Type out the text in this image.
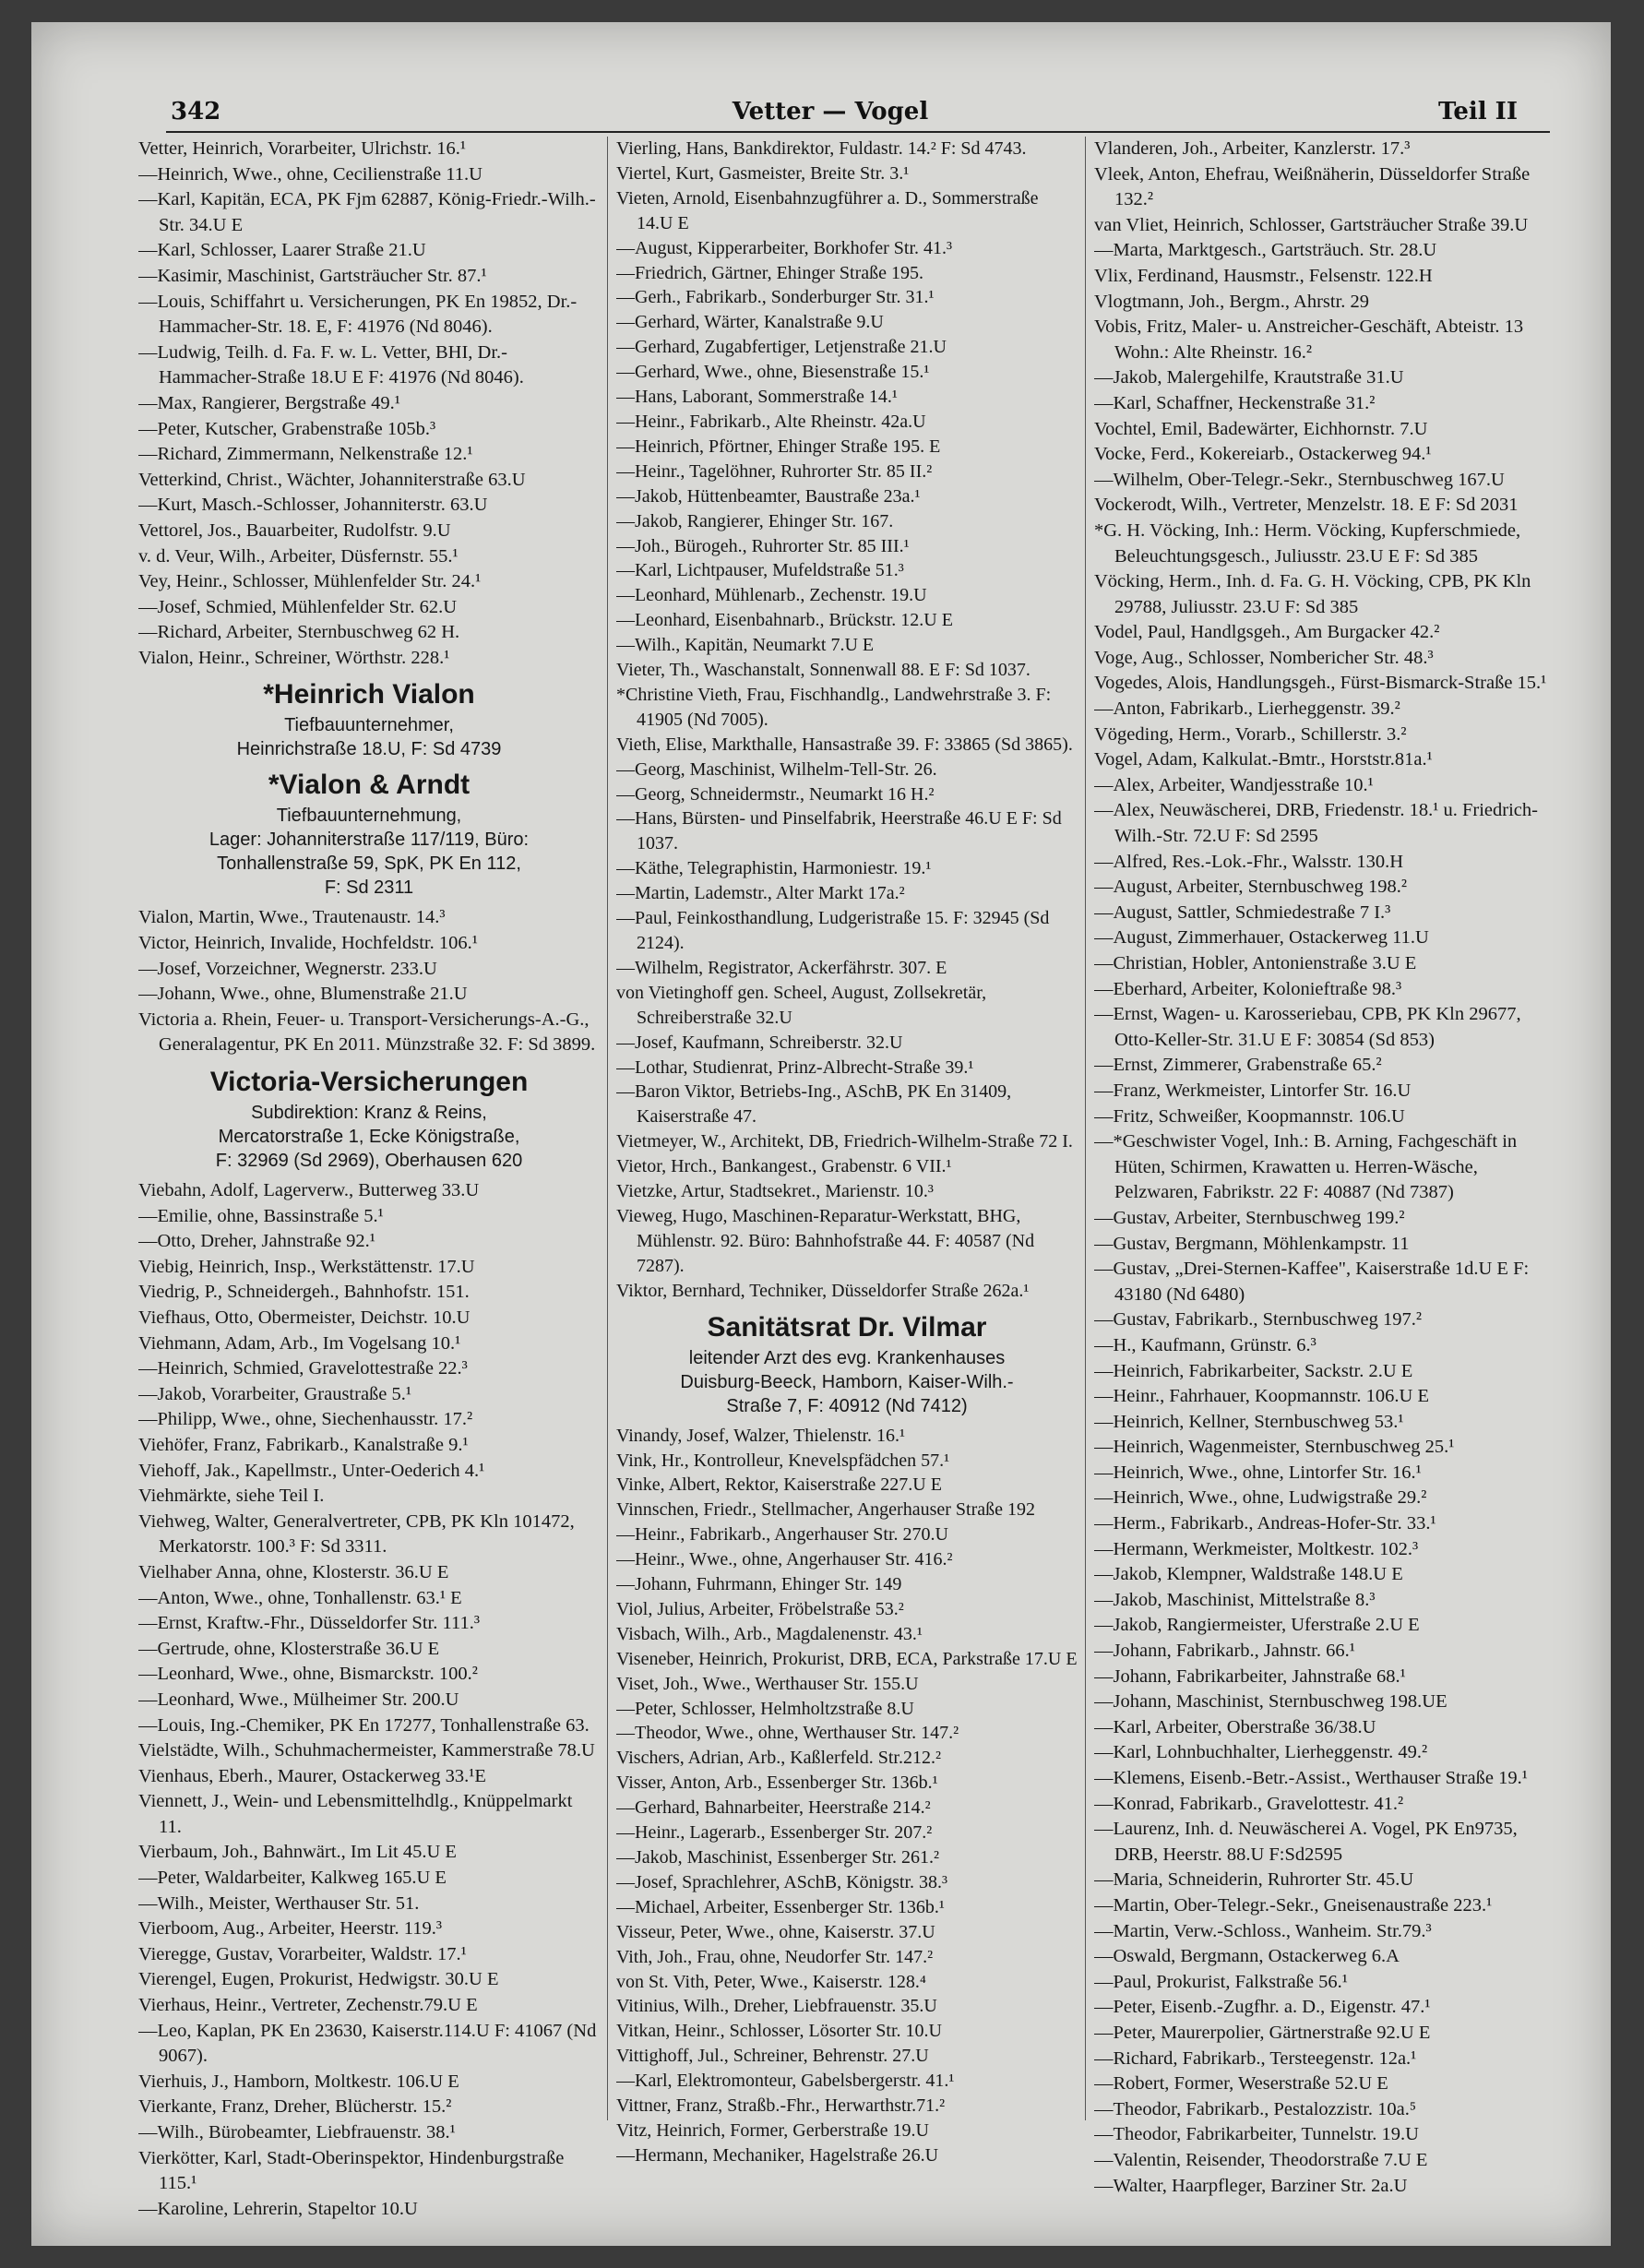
342	Vetter — Vogel	Teil II
Vetter, Heinrich, Vorarbeiter, Ulrichstr. 16.¹
—Heinrich, Wwe., ohne, Cecilienstraße 11.U
—Karl, Kapitän, ECA, PK Fjm 62887, König-Friedr.-Wilh.-Str. 34.U E
—Karl, Schlosser, Laarer Straße 21.U
—Kasimir, Maschinist, Gartsträucher Str. 87.¹
—Louis, Schiffahrt u. Versicherungen, PK En 19852, Dr.-Hammacher-Str. 18. E, F: 41976 (Nd 8046).
—Ludwig, Teilh. d. Fa. F. w. L. Vetter, BHI, Dr.-Hammacher-Straße 18.U E F: 41976 (Nd 8046).
—Max, Rangierer, Bergstraße 49.¹
—Peter, Kutscher, Grabenstraße 105b.³
—Richard, Zimmermann, Nelkenstraße 12.¹
Vetterkind, Christ., Wächter, Johanniterstraße 63.U
—Kurt, Masch.-Schlosser, Johanniterstr. 63.U
Vettorel, Jos., Bauarbeiter, Rudolfstr. 9.U
v. d. Veur, Wilh., Arbeiter, Düsfernstr. 55.¹
Vey, Heinr., Schlosser, Mühlenfelder Str. 24.¹
—Josef, Schmied, Mühlenfelder Str. 62.U
—Richard, Arbeiter, Sternbuschweg 62 H.
Vialon, Heinr., Schreiner, Wörthstr. 228.¹
*Heinrich Vialon
Tiefbauunternehmer,
Heinrichstraße 18.U, F: Sd 4739
*Vialon & Arndt
Tiefbauunternehmung,
Lager: Johanniterstraße 117/119, Büro:
Tonhallenstraße 59, SpK, PK En 112,
F: Sd 2311
Vialon, Martin, Wwe., Trautenaustr. 14.³
Victor, Heinrich, Invalide, Hochfeldstr. 106.¹
—Josef, Vorzeichner, Wegnerstr. 233.U
—Johann, Wwe., ohne, Blumenstraße 21.U
Victoria a. Rhein, Feuer- u. Transport-Versicherungs-A.-G., Generalagentur, PK En 2011. Münzstraße 32. F: Sd 3899.
Victoria-Versicherungen
Subdirektion: Kranz & Reins,
Mercatorstraße 1, Ecke Königstraße,
F: 32969 (Sd 2969), Oberhausen 620
Viebahn, Adolf, Lagerverw., Butterweg 33.U
—Emilie, ohne, Bassinstraße 5.¹
—Otto, Dreher, Jahnstraße 92.¹
Viebig, Heinrich, Insp., Werkstättenstr. 17.U
Viedrig, P., Schneidergeh., Bahnhofstr. 151.
Viefhaus, Otto, Obermeister, Deichstr. 10.U
Viehmann, Adam, Arb., Im Vogelsang 10.¹
—Heinrich, Schmied, Gravelottestraße 22.³
—Jakob, Vorarbeiter, Graustraße 5.¹
—Philipp, Wwe., ohne, Siechenhausstr. 17.²
Viehöfer, Franz, Fabrikarb., Kanalstraße 9.¹
Viehoff, Jak., Kapellmstr., Unter-Oederich 4.¹
Viehmärkte, siehe Teil I.
Viehweg, Walter, Generalvertreter, CPB, PK Kln 101472, Merkatorstr. 100.³ F: Sd 3311.
Vielhaber Anna, ohne, Klosterstr. 36.U E
—Anton, Wwe., ohne, Tonhallenstr. 63.¹ E
—Ernst, Kraftw.-Fhr., Düsseldorfer Str. 111.³
—Gertrude, ohne, Klosterstraße 36.U E
—Leonhard, Wwe., ohne, Bismarckstr. 100.²
—Leonhard, Wwe., Mülheimer Str. 200.U
—Louis, Ing.-Chemiker, PK En 17277, Tonhallenstraße 63.
Vielstädte, Wilh., Schuhmachermeister, Kammerstraße 78.U
Vienhaus, Eberh., Maurer, Ostackerweg 33.¹E
Viennett, J., Wein- und Lebensmittelhdlg., Knüppelmarkt 11.
Vierbaum, Joh., Bahnwärt., Im Lit 45.U E
—Peter, Waldarbeiter, Kalkweg 165.U E
—Wilh., Meister, Werthauser Str. 51.
Vierboom, Aug., Arbeiter, Heerstr. 119.³
Vieregge, Gustav, Vorarbeiter, Waldstr. 17.¹
Vierengel, Eugen, Prokurist, Hedwigstr. 30.U E
Vierhaus, Heinr., Vertreter, Zechenstr.79.U E
—Leo, Kaplan, PK En 23630, Kaiserstr.114.U F: 41067 (Nd 9067).
Vierhuis, J., Hamborn, Moltkestr. 106.U E
Vierkante, Franz, Dreher, Blücherstr. 15.²
—Wilh., Bürobeamter, Liebfrauenstr. 38.¹
Vierkötter, Karl, Stadt-Oberinspektor, Hindenburgstraße 115.¹
—Karoline, Lehrerin, Stapeltor 10.U
Vierling, Hans, Bankdirektor, Fuldastr. 14.² F: Sd 4743.
Viertel, Kurt, Gasmeister, Breite Str. 3.¹
Vieten, Arnold, Eisenbahnzugführer a. D., Sommerstraße 14.U E
—August, Kipperarbeiter, Borkhofer Str. 41.³
—Friedrich, Gärtner, Ehinger Straße 195.
—Gerh., Fabrikarb., Sonderburger Str. 31.¹
—Gerhard, Wärter, Kanalstraße 9.U
—Gerhard, Zugabfertiger, Letjenstraße 21.U
—Gerhard, Wwe., ohne, Biesenstraße 15.¹
—Hans, Laborant, Sommerstraße 14.¹
—Heinr., Fabrikarb., Alte Rheinstr. 42a.U
—Heinrich, Pförtner, Ehinger Straße 195. E
—Heinr., Tagelöhner, Ruhrorter Str. 85 II.²
—Jakob, Hüttenbeamter, Baustraße 23a.¹
—Jakob, Rangierer, Ehinger Str. 167.
—Joh., Bürogeh., Ruhrorter Str. 85 III.¹
—Karl, Lichtpauser, Mufeldstraße 51.³
—Leonhard, Mühlenarb., Zechenstr. 19.U
—Leonhard, Eisenbahnarb., Brückstr. 12.U E
—Wilh., Kapitän, Neumarkt 7.U E
Vieter, Th., Waschanstalt, Sonnenwall 88. E F: Sd 1037.
*Christine Vieth, Frau, Fischhandlg., Landwehrstraße 3. F: 41905 (Nd 7005).
Vieth, Elise, Markthalle, Hansastraße 39. F: 33865 (Sd 3865).
—Georg, Maschinist, Wilhelm-Tell-Str. 26.
—Georg, Schneidermstr., Neumarkt 16 H.²
—Hans, Bürsten- und Pinselfabrik, Heerstraße 46.U E F: Sd 1037.
—Käthe, Telegraphistin, Harmoniestr. 19.¹
—Martin, Lademstr., Alter Markt 17a.²
—Paul, Feinkosthandlung, Ludgeristraße 15. F: 32945 (Sd 2124).
—Wilhelm, Registrator, Ackerfährstr. 307. E
von Vietinghoff gen. Scheel, August, Zollsekretär, Schreiberstraße 32.U
—Josef, Kaufmann, Schreiberstr. 32.U
—Lothar, Studienrat, Prinz-Albrecht-Straße 39.¹
—Baron Viktor, Betriebs-Ing., ASchB, PK En 31409, Kaiserstraße 47.
Vietmeyer, W., Architekt, DB, Friedrich-Wilhelm-Straße 72 I.
Vietor, Hrch., Bankangest., Grabenstr. 6 VII.¹
Vietzke, Artur, Stadtsekret., Marienstr. 10.³
Vieweg, Hugo, Maschinen-Reparatur-Werkstatt, BHG, Mühlenstr. 92. Büro: Bahnhofstraße 44. F: 40587 (Nd 7287).
Viktor, Bernhard, Techniker, Düsseldorfer Straße 262a.¹
Sanitätsrat Dr. Vilmar
leitender Arzt des evg. Krankenhauses
Duisburg-Beeck, Hamborn, Kaiser-Wilh.-
Straße 7, F: 40912 (Nd 7412)
Vinandy, Josef, Walzer, Thielenstr. 16.¹
Vink, Hr., Kontrolleur, Knevelspfädchen 57.¹
Vinke, Albert, Rektor, Kaiserstraße 227.U E
Vinnschen, Friedr., Stellmacher, Angerhauser Straße 192
—Heinr., Fabrikarb., Angerhauser Str. 270.U
—Heinr., Wwe., ohne, Angerhauser Str. 416.²
—Johann, Fuhrmann, Ehinger Str. 149
Viol, Julius, Arbeiter, Fröbelstraße 53.²
Visbach, Wilh., Arb., Magdalenenstr. 43.¹
Viseneber, Heinrich, Prokurist, DRB, ECA, Parkstraße 17.U E
Viset, Joh., Wwe., Werthauser Str. 155.U
—Peter, Schlosser, Helmholtzstraße 8.U
—Theodor, Wwe., ohne, Werthauser Str. 147.²
Vischers, Adrian, Arb., Kaßlerfeld. Str.212.²
Visser, Anton, Arb., Essenberger Str. 136b.¹
—Gerhard, Bahnarbeiter, Heerstraße 214.²
—Heinr., Lagerarb., Essenberger Str. 207.²
—Jakob, Maschinist, Essenberger Str. 261.²
—Josef, Sprachlehrer, ASchB, Königstr. 38.³
—Michael, Arbeiter, Essenberger Str. 136b.¹
Visseur, Peter, Wwe., ohne, Kaiserstr. 37.U
Vith, Joh., Frau, ohne, Neudorfer Str. 147.²
von St. Vith, Peter, Wwe., Kaiserstr. 128.⁴
Vitinius, Wilh., Dreher, Liebfrauenstr. 35.U
Vitkan, Heinr., Schlosser, Lösorter Str. 10.U
Vittighoff, Jul., Schreiner, Behrenstr. 27.U
—Karl, Elektromonteur, Gabelsbergerstr. 41.¹
Vittner, Franz, Straßb.-Fhr., Herwarthstr.71.²
Vitz, Heinrich, Former, Gerberstraße 19.U
—Hermann, Mechaniker, Hagelstraße 26.U
Vlanderen, Joh., Arbeiter, Kanzlerstr. 17.³
Vleek, Anton, Ehefrau, Weißnäherin, Düsseldorfer Straße 132.²
van Vliet, Heinrich, Schlosser, Gartsträucher Straße 39.U
—Marta, Marktgesch., Gartsträuch. Str. 28.U
Vlix, Ferdinand, Hausmstr., Felsenstr. 122.H
Vlogtmann, Joh., Bergm., Ahrstr. 29
Vobis, Fritz, Maler- u. Anstreicher-Geschäft, Abteistr. 13 Wohn.: Alte Rheinstr. 16.²
—Jakob, Malergehilfe, Krautstraße 31.U
—Karl, Schaffner, Heckenstraße 31.²
Vochtel, Emil, Badewärter, Eichhornstr. 7.U
Vocke, Ferd., Kokereiarb., Ostackerweg 94.¹
—Wilhelm, Ober-Telegr.-Sekr., Sternbuschweg 167.U
Vockerodt, Wilh., Vertreter, Menzelstr. 18. E F: Sd 2031
*G. H. Vöcking, Inh.: Herm. Vöcking, Kupferschmiede, Beleuchtungsgesch., Juliusstr. 23.U E F: Sd 385
Vöcking, Herm., Inh. d. Fa. G. H. Vöcking, CPB, PK Kln 29788, Juliusstr. 23.U F: Sd 385
Vodel, Paul, Handlgsgeh., Am Burgacker 42.²
Voge, Aug., Schlosser, Nombericher Str. 48.³
Vogedes, Alois, Handlungsgeh., Fürst-Bismarck-Straße 15.¹
—Anton, Fabrikarb., Lierheggenstr. 39.²
Vögeding, Herm., Vorarb., Schillerstr. 3.²
Vogel, Adam, Kalkulat.-Bmtr., Horststr.81a.¹
—Alex, Arbeiter, Wandjesstraße 10.¹
—Alex, Neuwäscherei, DRB, Friedenstr. 18.¹ u. Friedrich-Wilh.-Str. 72.U F: Sd 2595
—Alfred, Res.-Lok.-Fhr., Walsstr. 130.H
—August, Arbeiter, Sternbuschweg 198.²
—August, Sattler, Schmiedestraße 7 I.³
—August, Zimmerhauer, Ostackerweg 11.U
—Christian, Hobler, Antonienstraße 3.U E
—Eberhard, Arbeiter, Kolonieftraße 98.³
—Ernst, Wagen- u. Karosseriebau, CPB, PK Kln 29677, Otto-Keller-Str. 31.U E F: 30854 (Sd 853)
—Ernst, Zimmerer, Grabenstraße 65.²
—Franz, Werkmeister, Lintorfer Str. 16.U
—Fritz, Schweißer, Koopmannstr. 106.U
—*Geschwister Vogel, Inh.: B. Arning, Fachgeschäft in Hüten, Schirmen, Krawatten u. Herren-Wäsche, Pelzwaren, Fabrikstr. 22 F: 40887 (Nd 7387)
—Gustav, Arbeiter, Sternbuschweg 199.²
—Gustav, Bergmann, Möhlenkampstr. 11
—Gustav, „Drei-Sternen-Kaffee", Kaiserstraße 1d.U E F: 43180 (Nd 6480)
—Gustav, Fabrikarb., Sternbuschweg 197.²
—H., Kaufmann, Grünstr. 6.³
—Heinrich, Fabrikarbeiter, Sackstr. 2.U E
—Heinr., Fahrhauer, Koopmannstr. 106.U E
—Heinrich, Kellner, Sternbuschweg 53.¹
—Heinrich, Wagenmeister, Sternbuschweg 25.¹
—Heinrich, Wwe., ohne, Lintorfer Str. 16.¹
—Heinrich, Wwe., ohne, Ludwigstraße 29.²
—Herm., Fabrikarb., Andreas-Hofer-Str. 33.¹
—Hermann, Werkmeister, Moltkestr. 102.³
—Jakob, Klempner, Waldstraße 148.U E
—Jakob, Maschinist, Mittelstraße 8.³
—Jakob, Rangiermeister, Uferstraße 2.U E
—Johann, Fabrikarb., Jahnstr. 66.¹
—Johann, Fabrikarbeiter, Jahnstraße 68.¹
—Johann, Maschinist, Sternbuschweg 198.UE
—Karl, Arbeiter, Oberstraße 36/38.U
—Karl, Lohnbuchhalter, Lierheggenstr. 49.²
—Klemens, Eisenb.-Betr.-Assist., Werthauser Straße 19.¹
—Konrad, Fabrikarb., Gravelottestr. 41.²
—Laurenz, Inh. d. Neuwäscherei A. Vogel, PK En9735, DRB, Heerstr. 88.U F:Sd2595
—Maria, Schneiderin, Ruhrorter Str. 45.U
—Martin, Ober-Telegr.-Sekr., Gneisenaustraße 223.¹
—Martin, Verw.-Schloss., Wanheim. Str.79.³
—Oswald, Bergmann, Ostackerweg 6.A
—Paul, Prokurist, Falkstraße 56.¹
—Peter, Eisenb.-Zugfhr. a. D., Eigenstr. 47.¹
—Peter, Maurerpolier, Gärtnerstraße 92.U E
—Richard, Fabrikarb., Tersteegenstr. 12a.¹
—Robert, Former, Weserstraße 52.U E
—Theodor, Fabrikarb., Pestalozzistr. 10a.⁵
—Theodor, Fabrikarbeiter, Tunnelstr. 19.U
—Valentin, Reisender, Theodorstraße 7.U E
—Walter, Haarpfleger, Barziner Str. 2a.U
